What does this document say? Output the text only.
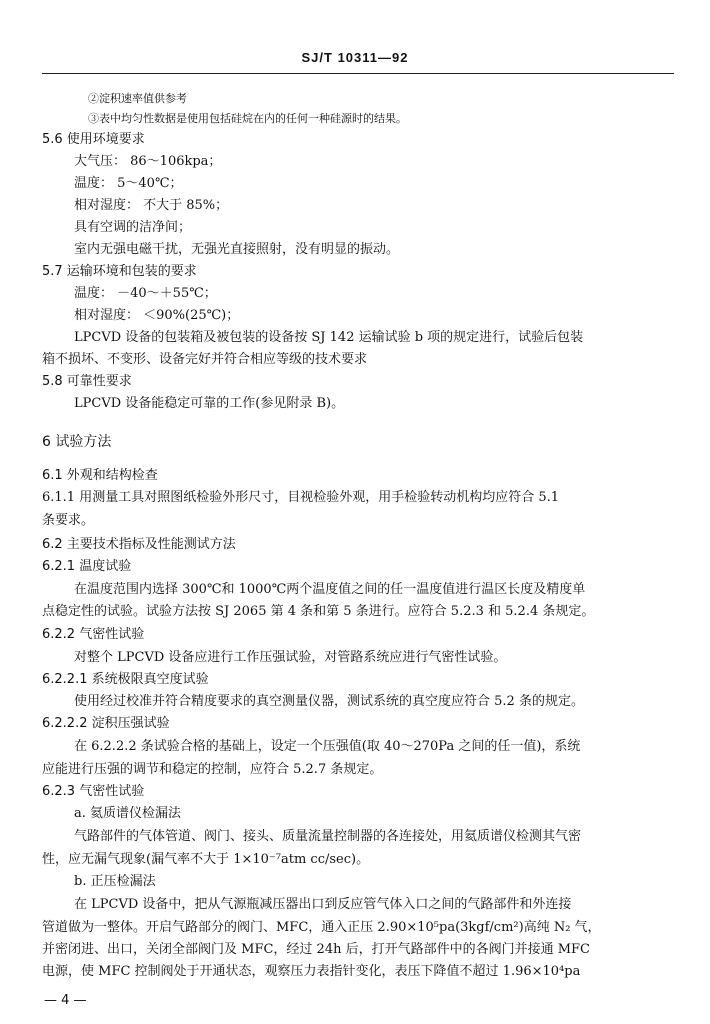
SJ/T 10311—92
②淀积速率值供参考
③表中均匀性数据是使用包括硅烷在内的任何一种硅源时的结果。
5.6 使用环境要求
大气压： 86～106kpa；
温度： 5～40℃；
相对湿度： 不大于 85%；
具有空调的洁净间；
室内无强电磁干扰，无强光直接照射，没有明显的振动。
5.7 运输环境和包装的要求
温度： －40～＋55℃；
相对湿度： ＜90%(25℃)；
LPCVD 设备的包装箱及被包装的设备按 SJ 142 运输试验 b 项的规定进行，试验后包装
箱不损坏、不变形、设备完好并符合相应等级的技术要求
5.8 可靠性要求
LPCVD 设备能稳定可靠的工作(参见附录 B)。
6 试验方法
6.1 外观和结构检查
6.1.1 用测量工具对照图纸检验外形尺寸，目视检验外观，用手检验转动机构均应符合 5.1
条要求。
6.2 主要技术指标及性能测试方法
6.2.1 温度试验
在温度范围内选择 300℃和 1000℃两个温度值之间的任一温度值进行温区长度及精度单
点稳定性的试验。试验方法按 SJ 2065 第 4 条和第 5 条进行。应符合 5.2.3 和 5.2.4 条规定。
6.2.2 气密性试验
对整个 LPCVD 设备应进行工作压强试验，对管路系统应进行气密性试验。
6.2.2.1 系统极限真空度试验
使用经过校准并符合精度要求的真空测量仪器，测试系统的真空度应符合 5.2 条的规定。
6.2.2.2 淀积压强试验
在 6.2.2.2 条试验合格的基础上，设定一个压强值(取 40～270Pa 之间的任一值)，系统
应能进行压强的调节和稳定的控制，应符合 5.2.7 条规定。
6.2.3 气密性试验
a. 氦质谱仪检漏法
气路部件的气体管道、阀门、接头、质量流量控制器的各连接处，用氦质谱仪检测其气密
性，应无漏气现象(漏气率不大于 1×10⁻⁷atm cc/sec)。
b. 正压检漏法
在 LPCVD 设备中，把从气源瓶减压器出口到反应管气体入口之间的气路部件和外连接
管道做为一整体。开启气路部分的阀门、MFC，通入正压 2.90×10⁵pa(3kgf/cm²)高纯 N₂ 气，
并密闭进、出口，关闭全部阀门及 MFC，经过 24h 后，打开气路部件中的各阀门并接通 MFC
电源，使 MFC 控制阀处于开通状态，观察压力表指针变化，表压下降值不超过 1.96×10⁴pa
— 4 —
